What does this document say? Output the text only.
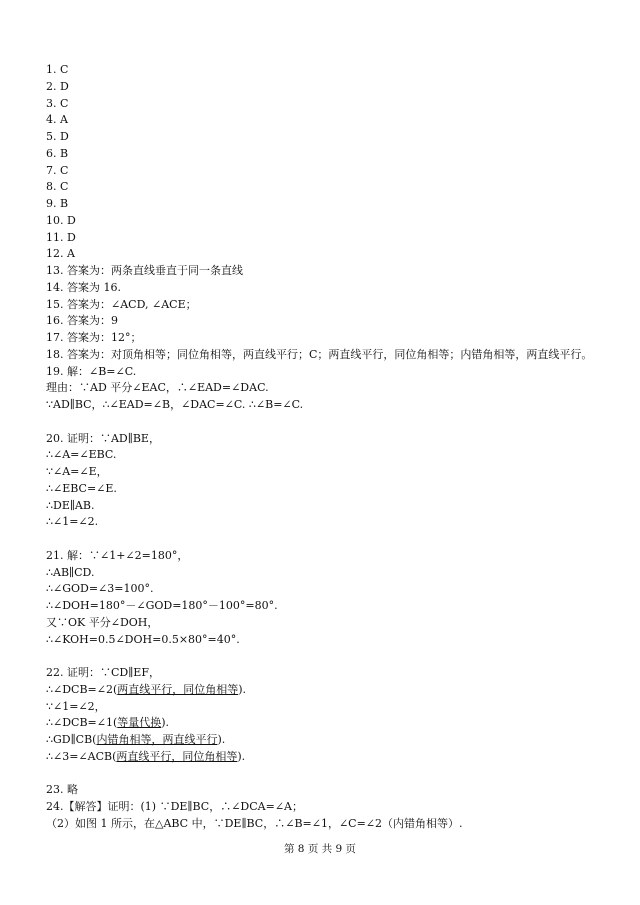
1. C
2. D
3. C
4. A
5. D
6. B
7. C
8. C
9. B
10. D
11. D
12. A
13. 答案为：两条直线垂直于同一条直线
14. 答案为 16.
15. 答案为：∠ACD, ∠ACE；
16. 答案为：9
17. 答案为：12°；
18. 答案为：对顶角相等；同位角相等，两直线平行；C；两直线平行，同位角相等；内错角相等，两直线平行。
19. 解：∠B=∠C.
理由：∵AD 平分∠EAC，∴∠EAD=∠DAC.
∵AD∥BC，∴∠EAD=∠B，∠DAC=∠C. ∴∠B=∠C.
20. 证明：∵AD∥BE，
∴∠A=∠EBC.
∵∠A=∠E，
∴∠EBC=∠E.
∴DE∥AB.
∴∠1=∠2.
21. 解：∵∠1+∠2=180°，
∴AB∥CD.
∴∠GOD=∠3=100°.
∴∠DOH=180°－∠GOD=180°－100°=80°.
又∵OK 平分∠DOH，
∴∠KOH=0.5∠DOH=0.5×80°=40°.
22. 证明：∵CD∥EF，
∴∠DCB=∠2(两直线平行，同位角相等).
∵∠1=∠2，
∴∠DCB=∠1(等量代换).
∴GD∥CB(内错角相等，两直线平行).
∴∠3=∠ACB(两直线平行，同位角相等).
23. 略
24.【解答】证明：(1) ∵DE∥BC，∴∠DCA=∠A；
（2）如图 1 所示，在△ABC 中，∵DE∥BC，∴∠B=∠1，∠C=∠2（内错角相等）.
第 8 页 共 9 页
